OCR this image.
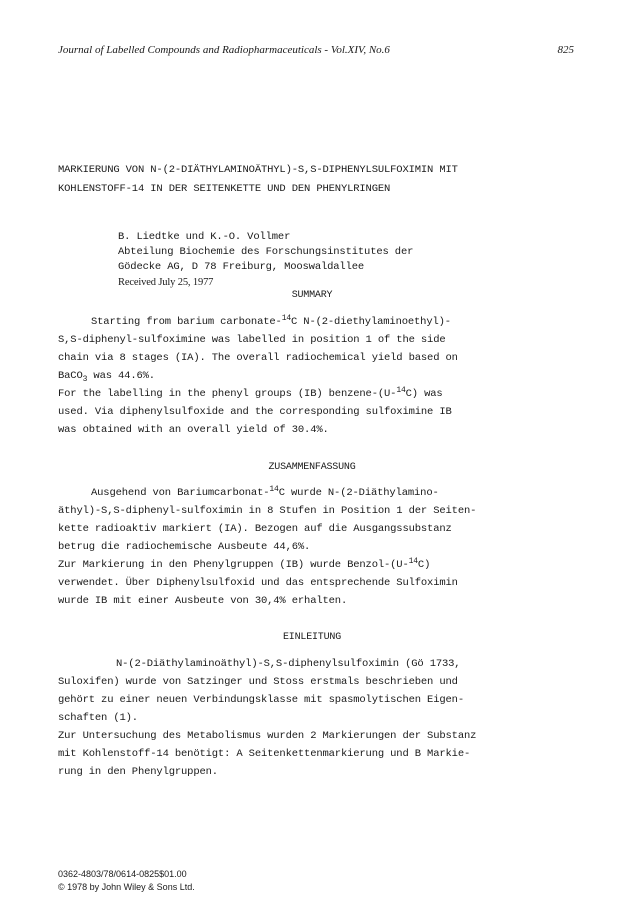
Journal of Labelled Compounds and Radiopharmaceuticals - Vol.XIV, No.6	825
MARKIERUNG VON N-(2-DIÄTHYLAMINOÄTHYL)-S,S-DIPHENYLSULFOXIMIN MIT
KOHLENSTOFF-14 IN DER SEITENKETTE UND DEN PHENYLRINGEN
B. Liedtke und K.-O. Vollmer
Abteilung Biochemie des Forschungsinstitutes der
Gödecke AG, D 78 Freiburg, Mooswaldallee
Received July 25, 1977
SUMMARY
Starting from barium carbonate-$^{14}$C N-(2-diethylaminoethyl)-
S,S-diphenyl-sulfoximine was labelled in position 1 of the side
chain via 8 stages (IA). The overall radiochemical yield based on
BaCO$_3$ was 44.6%.
For the labelling in the phenyl groups (IB) benzene-(U-$^{14}$C) was
used. Via diphenylsulfoxide and the corresponding sulfoximine IB
was obtained with an overall yield of 30.4%.
ZUSAMMENFASSUNG
Ausgehend von Bariumcarbonat-$^{14}$C wurde N-(2-Diäthylamino-
äthyl)-S,S-diphenyl-sulfoximin in 8 Stufen in Position 1 der Seiten-
kette radioaktiv markiert (IA). Bezogen auf die Ausgangssubstanz
betrug die radiochemische Ausbeute 44,6%.
Zur Markierung in den Phenylgruppen (IB) wurde Benzol-(U-$^{14}$C)
verwendet. Über Diphenylsulfoxid und das entsprechende Sulfoximin
wurde IB mit einer Ausbeute von 30,4% erhalten.
EINLEITUNG
N-(2-Diäthylaminoäthyl)-S,S-diphenylsulfoximin (Gö 1733,
Suloxifen) wurde von Satzinger und Stoss erstmals beschrieben und
gehört zu einer neuen Verbindungsklasse mit spasmolytischen Eigen-
schaften (1).
Zur Untersuchung des Metabolismus wurden 2 Markierungen der Substanz
mit Kohlenstoff-14 benötigt: A Seitenkettenmarkierung und B Markie-
rung in den Phenylgruppen.
0362-4803/78/0614-0825$01.00
© 1978 by John Wiley & Sons Ltd.
